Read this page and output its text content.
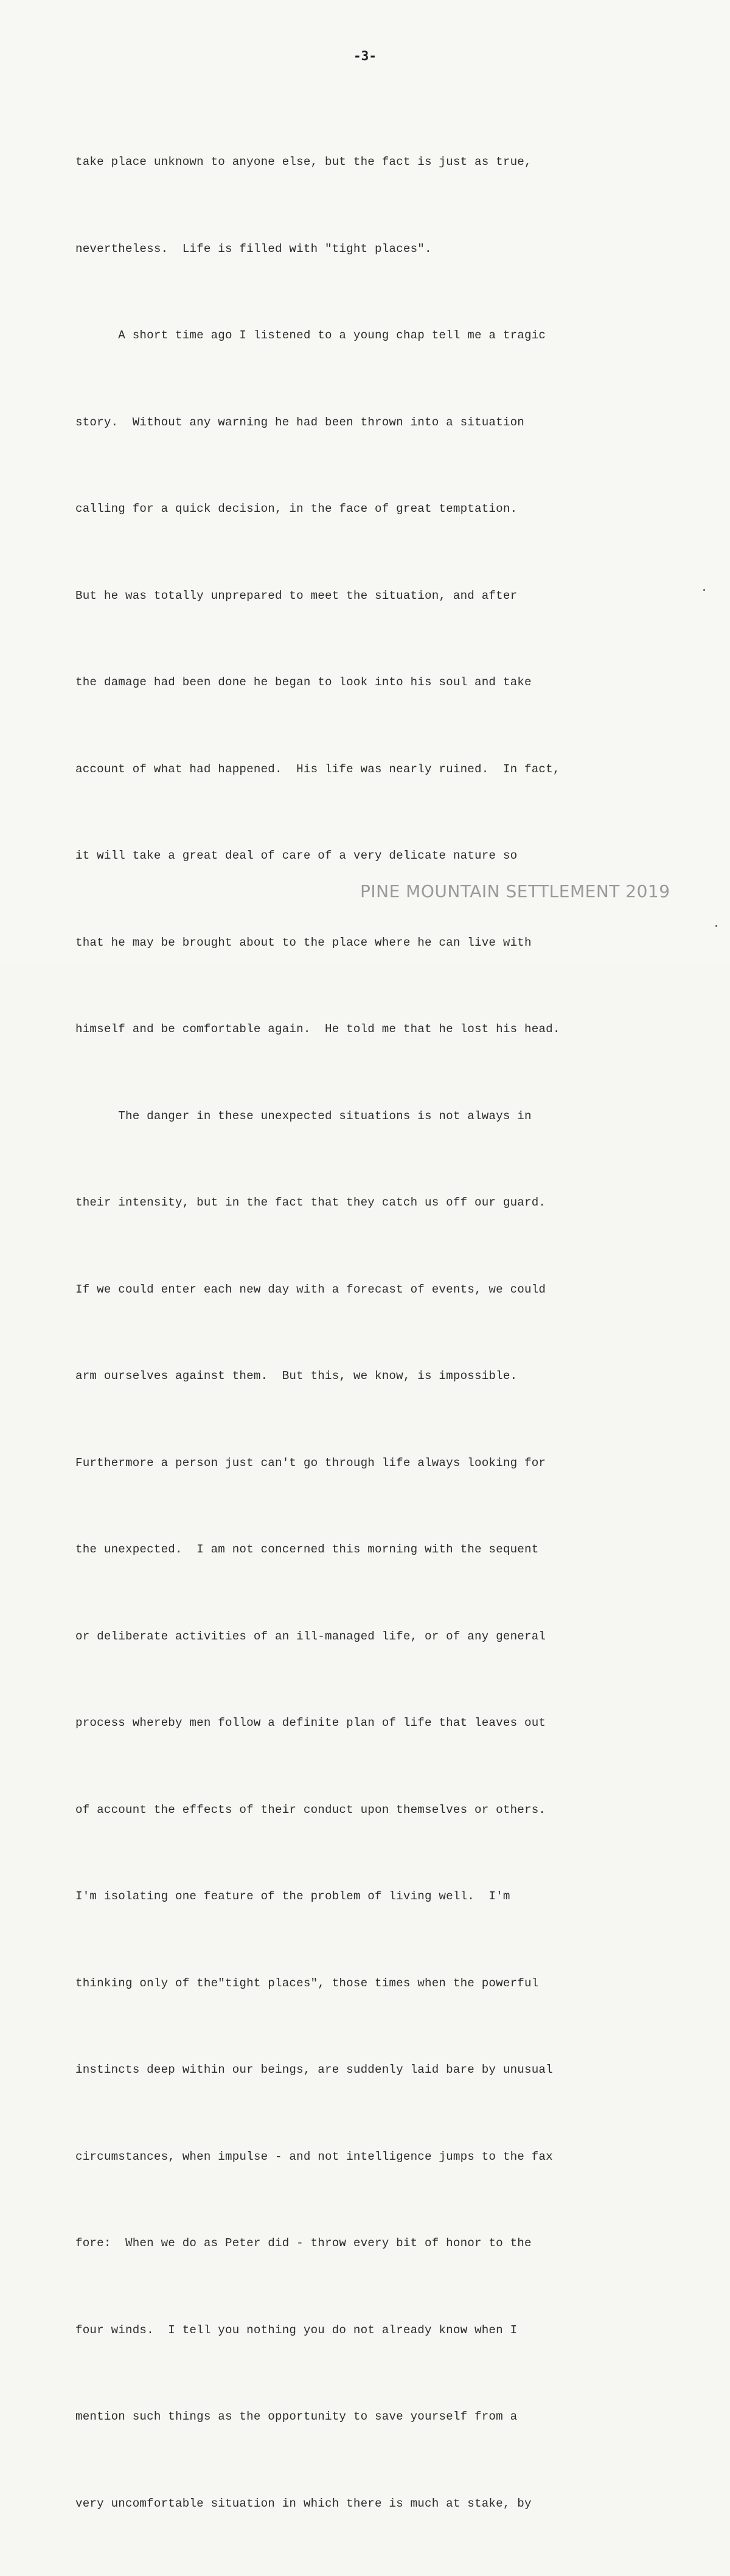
-3-

take place unknown to anyone else, but the fact is just as true,

nevertheless.  Life is filled with "tight places".

A short time ago I listened to a young chap tell me a tragic

story.  Without any warning he had been thrown into a situation

calling for a quick decision, in the face of great temptation.

But he was totally unprepared to meet the situation, and after

the damage had been done he began to look into his soul and take

account of what had happened.  His life was nearly ruined.  In fact,

it will take a great deal of care of a very delicate nature so

that he may be brought about to the place where he can live with

himself and be comfortable again.  He told me that he lost his head.

The danger in these unexpected situations is not always in

their intensity, but in the fact that they catch us off our guard.

If we could enter each new day with a forecast of events, we could

arm ourselves against them.  But this, we know, is impossible.

Furthermore a person just can't go through life always looking for

the unexpected.  I am not concerned this morning with the sequent

or deliberate activities of an ill-managed life, or of any general

process whereby men follow a definite plan of life that leaves out

of account the effects of their conduct upon themselves or others.

I'm isolating one feature of the problem of living well.  I'm

thinking only of the"tight places", those times when the powerful

instincts deep within our beings, are suddenly laid bare by unusual

circumstances, when impulse - and not intelligence jumps to the fax

fore:  When we do as Peter did - throw every bit of honor to the

four winds.  I tell you nothing you do not already know when I

mention such things as the opportunity to save yourself from a

very uncomfortable situation in which there is much at stake, by

PINE MOUNTAIN SETTLEMENT 2019
